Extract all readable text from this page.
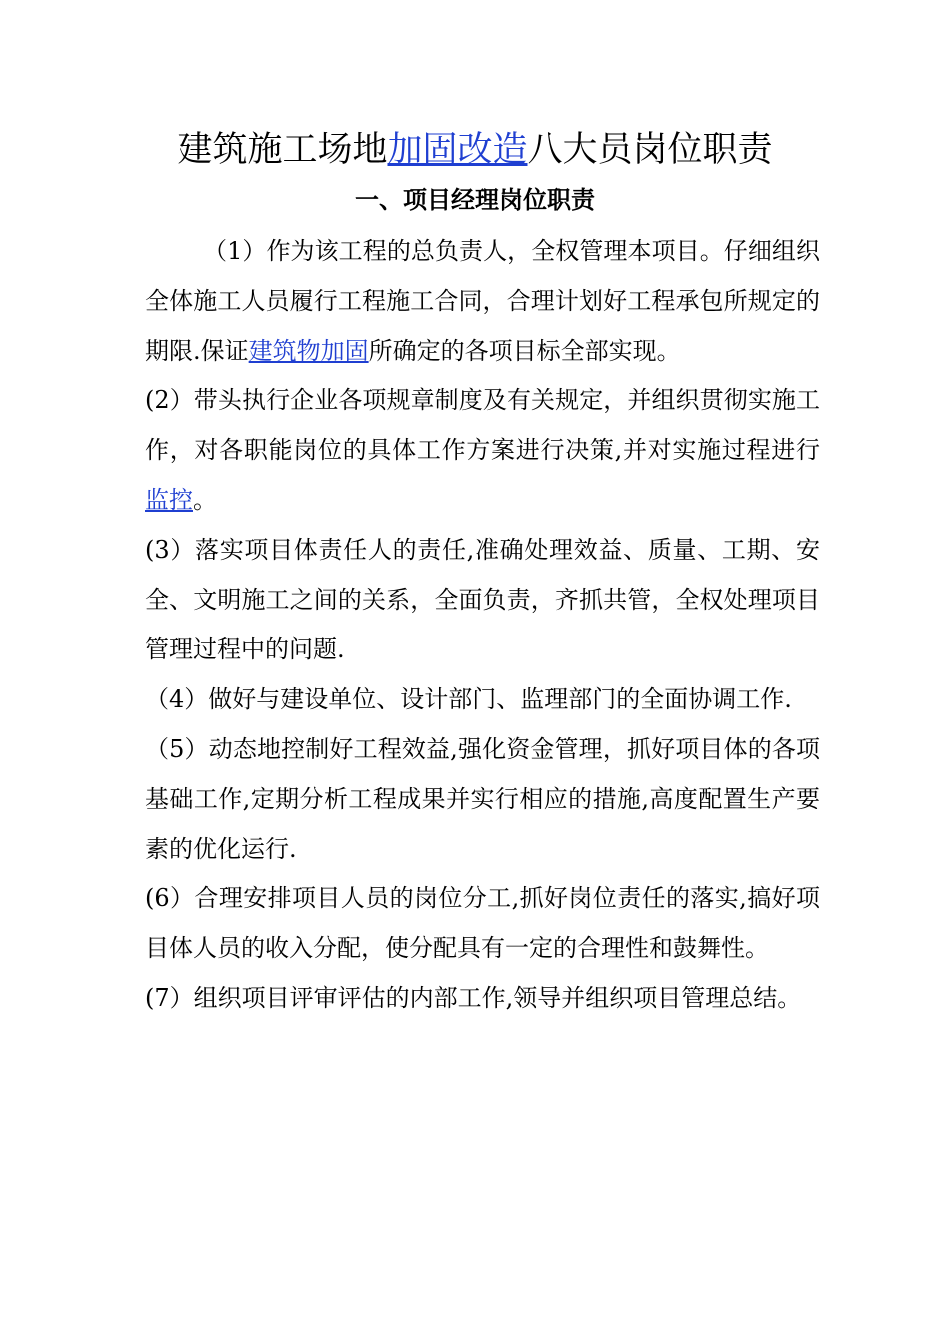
建筑施工场地加固改造八大员岗位职责
一、项目经理岗位职责

（1）作为该工程的总负责人，全权管理本项目。仔细组织全体施工人员履行工程施工合同，合理计划好工程承包所规定的期限.保证建筑物加固所确定的各项目标全部实现。

(2）带头执行企业各项规章制度及有关规定，并组织贯彻实施工作，对各职能岗位的具体工作方案进行决策,并对实施过程进行监控。

(3）落实项目体责任人的责任,准确处理效益、质量、工期、安全、文明施工之间的关系，全面负责，齐抓共管，全权处理项目管理过程中的问题.

（4）做好与建设单位、设计部门、监理部门的全面协调工作.

（5）动态地控制好工程效益,强化资金管理，抓好项目体的各项基础工作,定期分析工程成果并实行相应的措施,高度配置生产要素的优化运行.

(6）合理安排项目人员的岗位分工,抓好岗位责任的落实,搞好项目体人员的收入分配，使分配具有一定的合理性和鼓舞性。

(7）组织项目评审评估的内部工作,领导并组织项目管理总结。
